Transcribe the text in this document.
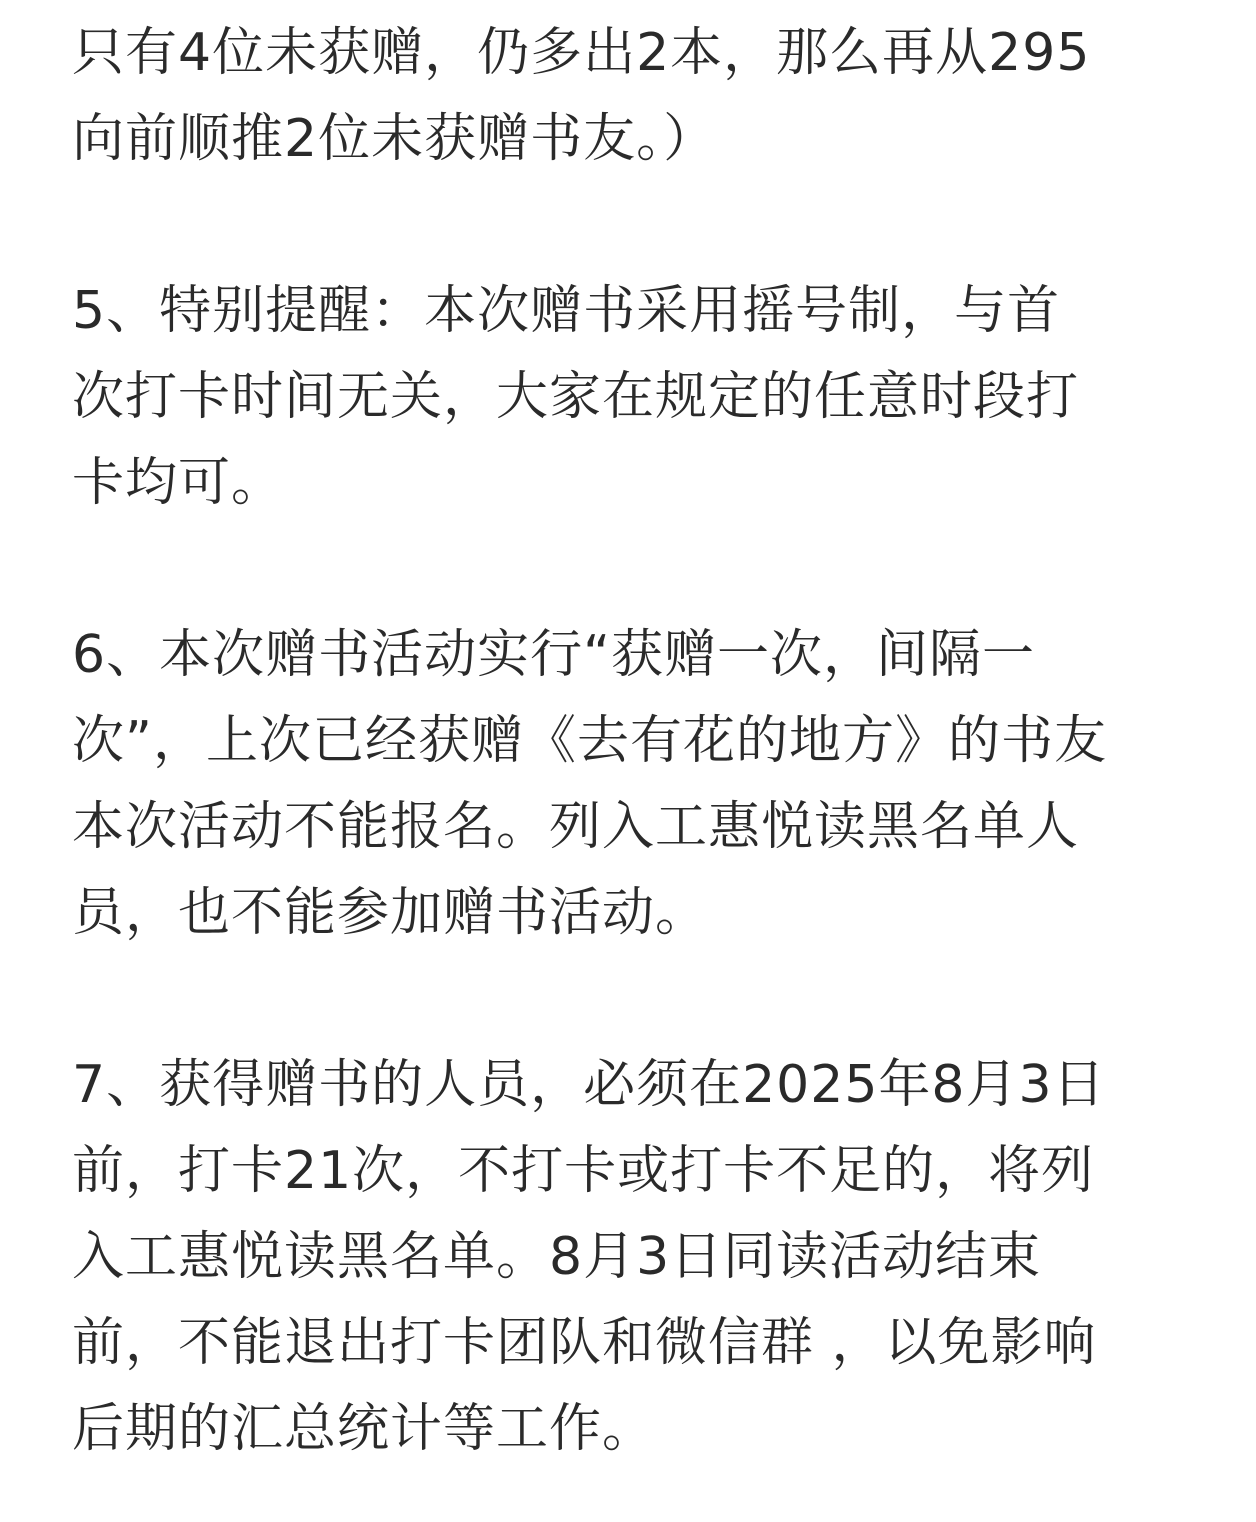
只有4位未获赠，仍多出2本，那么再从295
向前顺推2位未获赠书友。）
5、特别提醒：本次赠书采用摇号制，与首
次打卡时间无关，大家在规定的任意时段打
卡均可。
6、本次赠书活动实行“获赠一次，间隔一
次”，上次已经获赠《去有花的地方》的书友
本次活动不能报名。列入工惠悦读黑名单人
员，也不能参加赠书活动。
7、获得赠书的人员，必须在2025年8月3日
前，打卡21次，不打卡或打卡不足的，将列
入工惠悦读黑名单。8月3日同读活动结束
前，不能退出打卡团队和微信群 ，以免影响
后期的汇总统计等工作。
